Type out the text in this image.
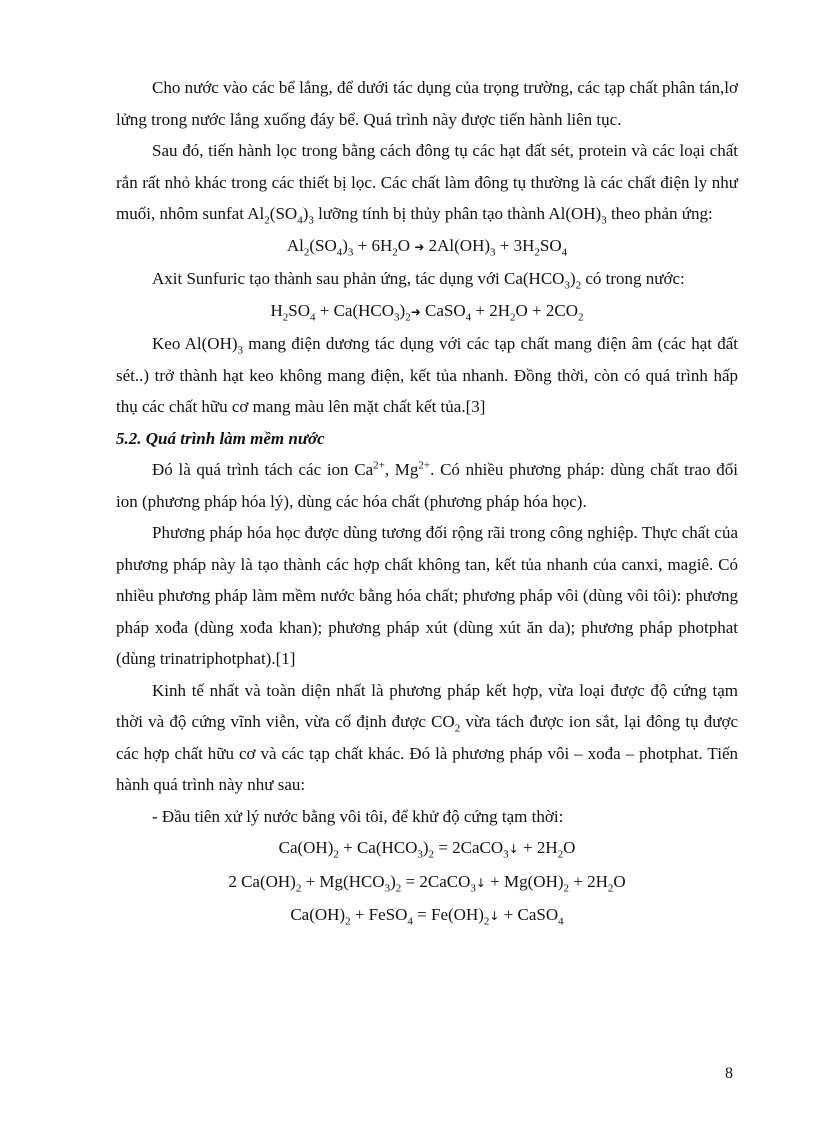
Cho nước vào các bể lắng, để dưới tác dụng của trọng trường, các tạp chất phân tán,lơ lửng trong nước lắng xuống đáy bể. Quá trình này được tiến hành liên tục.

Sau đó, tiến hành lọc trong bằng cách đông tụ các hạt đất sét, protein và các loại chất rắn rất nhỏ khác trong các thiết bị lọc. Các chất làm đông tụ thường là các chất điện ly như muối, nhôm sunfat $Al_2(SO_4)_3$ lưỡng tính bị thủy phân tạo thành $Al(OH)_3$ theo phản ứng:

$Al_2(SO_4)_3 + 6H_2O$ ➜ $2Al(OH)_3 + 3H_2SO_4$

Axit Sunfuric tạo thành sau phản ứng, tác dụng với $Ca(HCO_3)_2$ có trong nước:

$H_2SO_4$ + $Ca(HCO_3)_2➜$ CaSO$_4$ + $2H_2O + 2CO_2$

Keo $Al(OH)_3$ mang điện dương tác dụng với các tạp chất mang điện âm (các hạt đất sét..) trở thành hạt keo không mang điện, kết tủa nhanh. Đồng thời, còn có quá trình hấp thụ các chất hữu cơ mang màu lên mặt chất kết tủa.[3]

5.2. Quá trình làm mềm nước

Đó là quá trình tách các ion $Ca^{2+}$, $Mg^{2+}$. Có nhiều phương pháp: dùng chất trao đổi ion (phương pháp hóa lý), dùng các hóa chất (phương pháp hóa học).

Phương pháp hóa học được dùng tương đối rộng rãi trong công nghiệp. Thực chất của phương pháp này là tạo thành các hợp chất không tan, kết tủa nhanh của canxi, magiê. Có nhiều phương pháp làm mềm nước bằng hóa chất; phương pháp vôi (dùng vôi tôi): phương pháp xođa (dùng xođa khan); phương pháp xút (dùng xút ăn da); phương pháp photphat (dùng trinatriphotphat).[1]

Kinh tế nhất và toàn diện nhất là phương pháp kết hợp, vừa loại được độ cứng tạm thời và độ cứng vĩnh viễn, vừa cố định được $CO_2$ vừa tách được ion sắt, lại đông tụ được các hợp chất hữu cơ và các tạp chất khác. Đó là phương pháp vôi – xođa – photphat. Tiến hành quá trình này như sau:

- Đầu tiên xử lý nước bằng vôi tôi, để khử độ cứng tạm thời:

$Ca(OH)_2 + Ca(HCO_3)_2$ = 2CaCO$_3$↓ + $2H_2O$
2 $Ca(OH)_2 + Mg(HCO_3)_2$ = 2CaCO$_3$↓ + $Mg(OH)_2 + 2H_2O$
$Ca(OH)_2$ + FeSO$_4$ = $Fe(OH)_2↓$ + CaSO$_4$
8
